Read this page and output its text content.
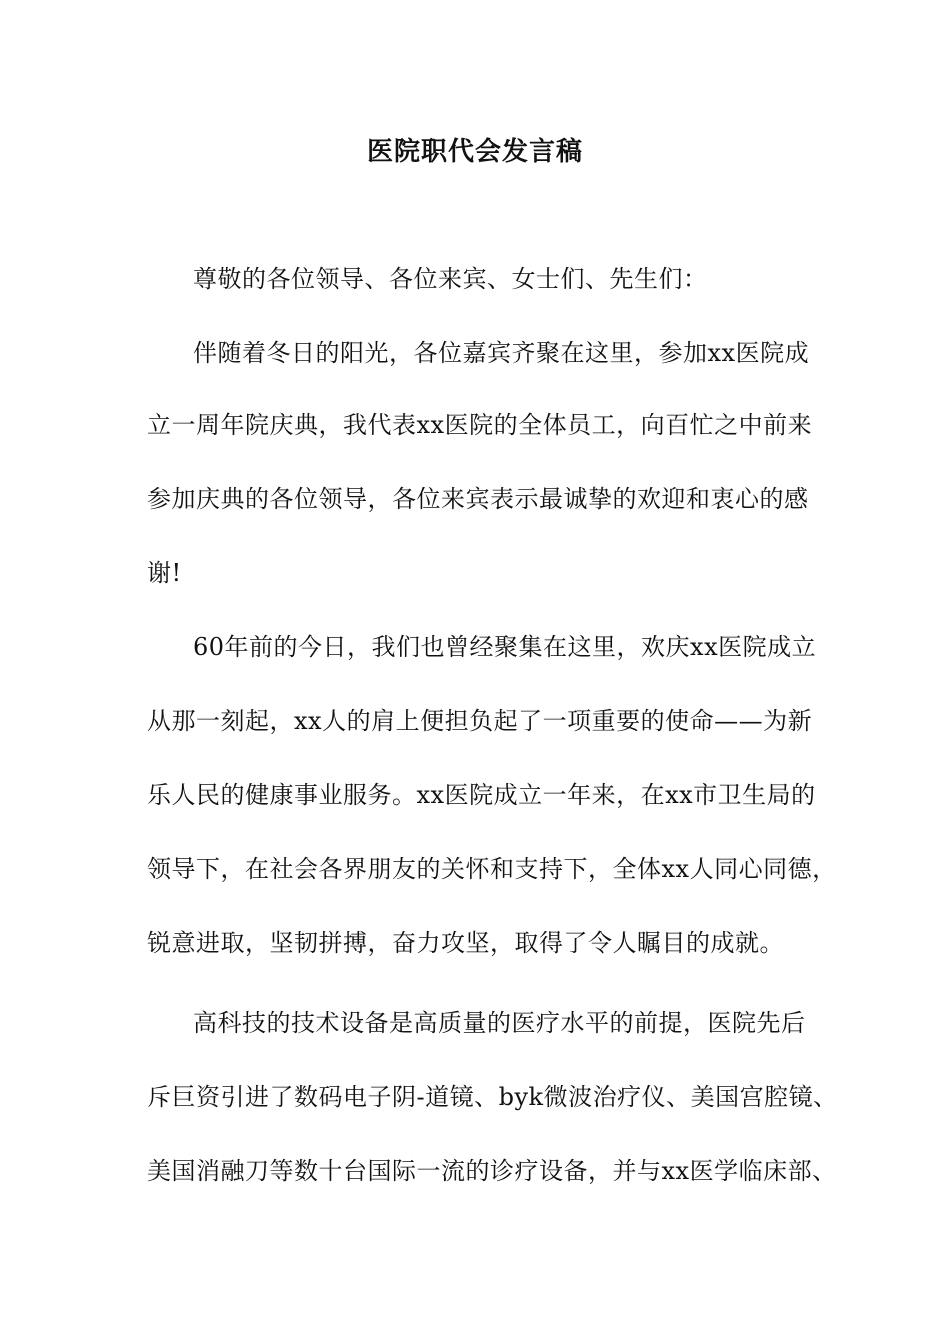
医院职代会发言稿
尊敬的各位领导、各位来宾、女士们、先生们：
伴随着冬日的阳光，各位嘉宾齐聚在这里，参加xx医院成
立一周年院庆典，我代表xx医院的全体员工，向百忙之中前来
参加庆典的各位领导，各位来宾表示最诚挚的欢迎和衷心的感
谢!
60年前的今日，我们也曾经聚集在这里，欢庆xx医院成立
从那一刻起，xx人的肩上便担负起了一项重要的使命——为新
乐人民的健康事业服务。xx医院成立一年来，在xx市卫生局的
领导下，在社会各界朋友的关怀和支持下，全体xx人同心同德，
锐意进取，坚韧拼搏，奋力攻坚，取得了令人瞩目的成就。
高科技的技术设备是高质量的医疗水平的前提，医院先后
斥巨资引进了数码电子阴-道镜、byk微波治疗仪、美国宫腔镜、
美国消融刀等数十台国际一流的诊疗设备，并与xx医学临床部、
